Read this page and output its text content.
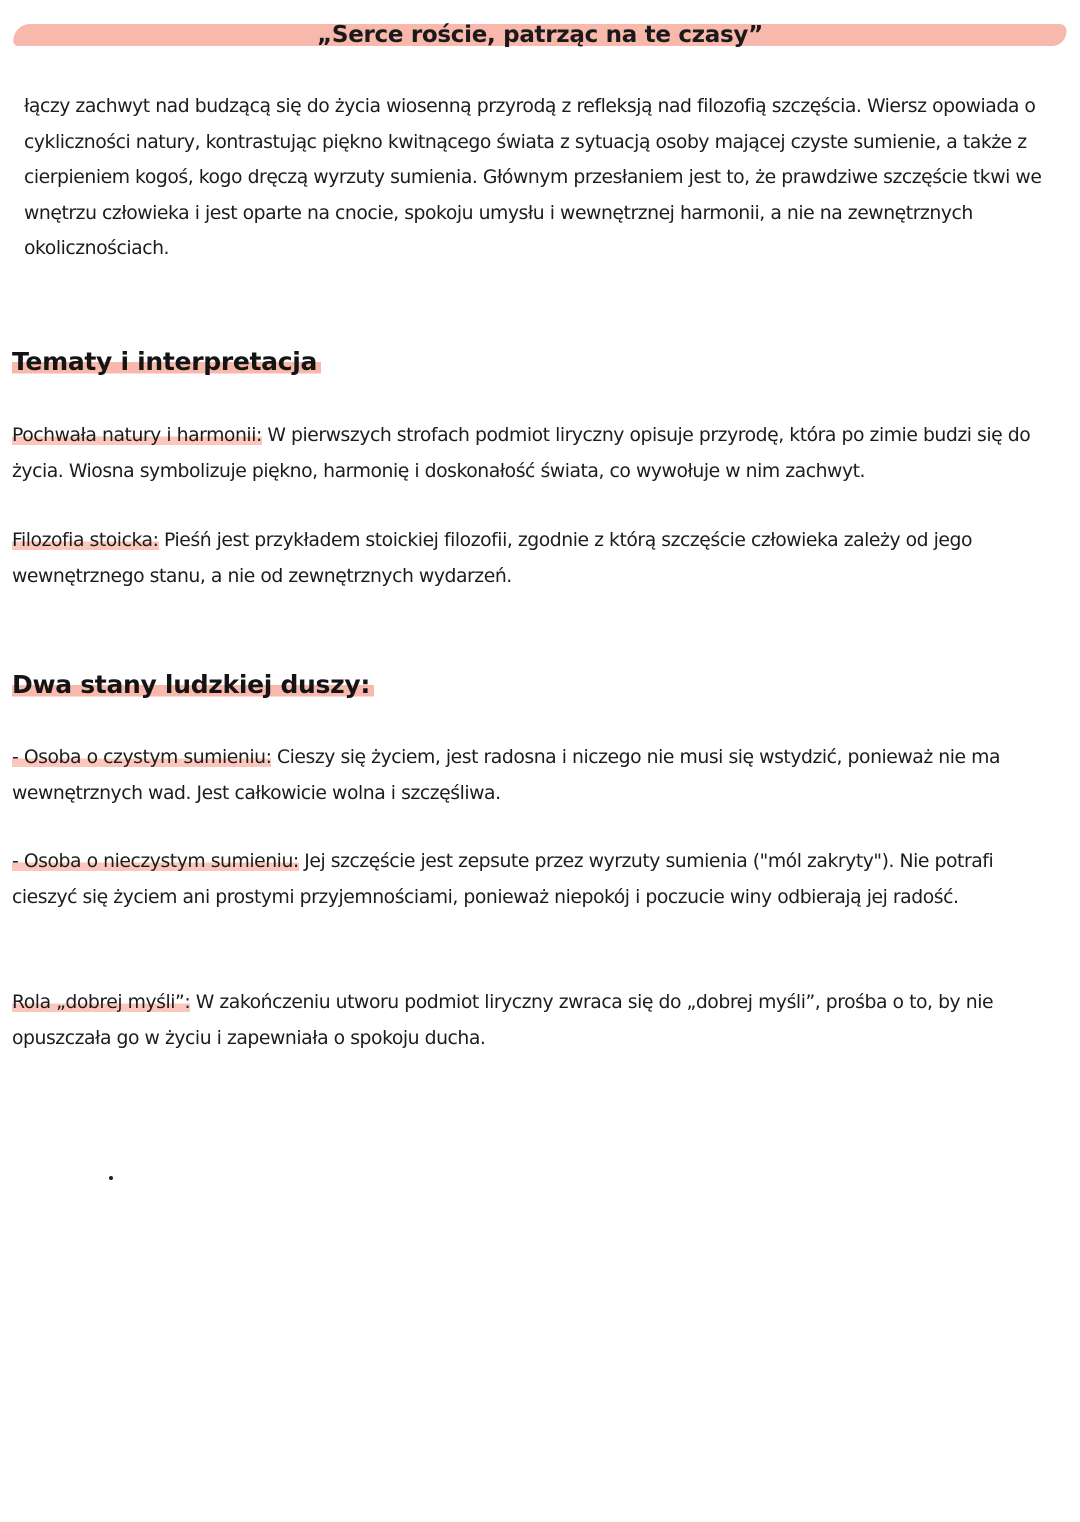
„Serce roście, patrząc na te czasy”

łączy zachwyt nad budzącą się do życia wiosenną przyrodą z refleksją nad filozofią szczęścia. Wiersz opowiada o cykliczności natury, kontrastując piękno kwitnącego świata z sytuacją osoby mającej czyste sumienie, a także z cierpieniem kogoś, kogo dręczą wyrzuty sumienia. Głównym przesłaniem jest to, że prawdziwe szczęście tkwi we wnętrzu człowieka i jest oparte na cnocie, spokoju umysłu i wewnętrznej harmonii, a nie na zewnętrznych okolicznościach.

Tematy i interpretacja

Pochwała natury i harmonii: W pierwszych strofach podmiot liryczny opisuje przyrodę, która po zimie budzi się do życia. Wiosna symbolizuje piękno, harmonię i doskonałość świata, co wywołuje w nim zachwyt.

Filozofia stoicka: Pieśń jest przykładem stoickiej filozofii, zgodnie z którą szczęście człowieka zależy od jego wewnętrznego stanu, a nie od zewnętrznych wydarzeń.

Dwa stany ludzkiej duszy:

- Osoba o czystym sumieniu: Cieszy się życiem, jest radosna i niczego nie musi się wstydzić, ponieważ nie ma wewnętrznych wad. Jest całkowicie wolna i szczęśliwa.

- Osoba o nieczystym sumieniu: Jej szczęście jest zepsute przez wyrzuty sumienia ("mól zakryty"). Nie potrafi cieszyć się życiem ani prostymi przyjemnościami, ponieważ niepokój i poczucie winy odbierają jej radość.

Rola „dobrej myśli”: W zakończeniu utworu podmiot liryczny zwraca się do „dobrej myśli”, prośba o to, by nie opuszczała go w życiu i zapewniała o spokoju ducha.
